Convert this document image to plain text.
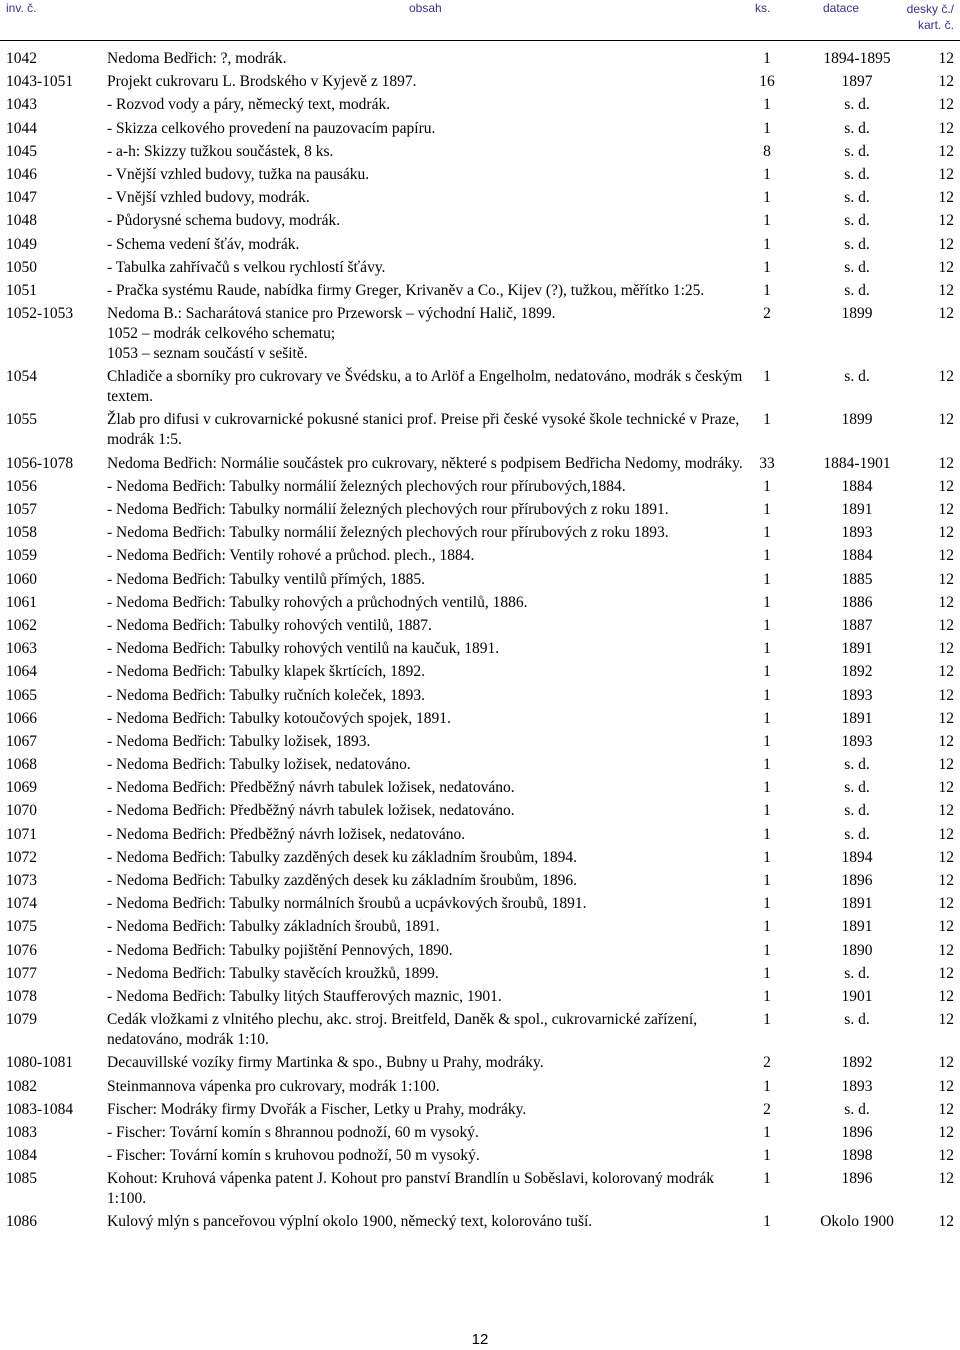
inv. č.	obsah	ks.	datace	desky č./
kart. č.
1042	Nedoma Bedřich: ?, modrák.	1	1894-1895	12
1043-1051	Projekt cukrovaru L. Brodského v Kyjevě z 1897.	16	1897	12
1043	- Rozvod vody a páry, německý text, modrák.	1	s. d.	12
1044	- Skizza celkového provedení na pauzovacím papíru.	1	s. d.	12
1045	- a-h: Skizzy tužkou součástek, 8 ks.	8	s. d.	12
1046	- Vnější vzhled budovy, tužka na pausáku.	1	s. d.	12
1047	- Vnější vzhled budovy, modrák.	1	s. d.	12
1048	- Půdorysné schema budovy, modrák.	1	s. d.	12
1049	- Schema vedení šťáv, modrák.	1	s. d.	12
1050	- Tabulka zahřívačů s velkou rychlostí šťávy.	1	s. d.	12
1051	- Pračka systému Raude, nabídka firmy Greger, Krivaněv a Co., Kijev (?), tužkou, měřítko 1:25.	1	s. d.	12
1052-1053	Nedoma B.: Sacharátová stanice pro Przeworsk – východní Halič, 1899.
1052 – modrák celkového schematu;
1053 – seznam součástí v sešitě.	2	1899	12
1054	Chladiče a sborníky pro cukrovary ve Švédsku, a to Arlöf a Engelholm, nedatováno, modrák s českým textem.	1	s. d.	12
1055	Žlab pro difusi v cukrovarnické pokusné stanici prof. Preise při české vysoké škole technické v Praze, modrák 1:5.	1	1899	12
1056-1078	Nedoma Bedřich: Normálie součástek pro cukrovary, některé s podpisem Bedřicha Nedomy, modráky.	33	1884-1901	12
1056	- Nedoma Bedřich: Tabulky normálií železných plechových rour přírubových,1884.	1	1884	12
1057	- Nedoma Bedřich: Tabulky normálií železných plechových rour přírubových z roku 1891.	1	1891	12
1058	- Nedoma Bedřich: Tabulky normálií železných plechových rour přírubových z roku 1893.	1	1893	12
1059	- Nedoma Bedřich: Ventily rohové a průchod. plech., 1884.	1	1884	12
1060	- Nedoma Bedřich: Tabulky ventilů přímých, 1885.	1	1885	12
1061	- Nedoma Bedřich: Tabulky rohových a průchodných ventilů, 1886.	1	1886	12
1062	- Nedoma Bedřich: Tabulky rohových ventilů, 1887.	1	1887	12
1063	- Nedoma Bedřich: Tabulky rohových ventilů na kaučuk, 1891.	1	1891	12
1064	- Nedoma Bedřich: Tabulky klapek škrtících, 1892.	1	1892	12
1065	- Nedoma Bedřich: Tabulky ručních koleček, 1893.	1	1893	12
1066	- Nedoma Bedřich: Tabulky kotoučových spojek, 1891.	1	1891	12
1067	- Nedoma Bedřich: Tabulky ložisek, 1893.	1	1893	12
1068	- Nedoma Bedřich: Tabulky ložisek, nedatováno.	1	s. d.	12
1069	- Nedoma Bedřich: Předběžný návrh tabulek ložisek, nedatováno.	1	s. d.	12
1070	- Nedoma Bedřich: Předběžný návrh tabulek ložisek, nedatováno.	1	s. d.	12
1071	- Nedoma Bedřich: Předběžný návrh ložisek, nedatováno.	1	s. d.	12
1072	- Nedoma Bedřich: Tabulky zazděných desek ku základním šroubům, 1894.	1	1894	12
1073	- Nedoma Bedřich: Tabulky zazděných desek ku základním šroubům, 1896.	1	1896	12
1074	- Nedoma Bedřich: Tabulky normálních šroubů a ucpávkových šroubů, 1891.	1	1891	12
1075	- Nedoma Bedřich: Tabulky základních šroubů, 1891.	1	1891	12
1076	- Nedoma Bedřich: Tabulky pojištění Pennových, 1890.	1	1890	12
1077	- Nedoma Bedřich: Tabulky stavěcích kroužků, 1899.	1	s. d.	12
1078	- Nedoma Bedřich: Tabulky litých Staufferových maznic, 1901.	1	1901	12
1079	Cedák vložkami z vlnitého plechu, akc. stroj. Breitfeld, Daněk & spol., cukrovarnické zařízení, nedatováno, modrák 1:10.	1	s. d.	12
1080-1081	Decauvillské vozíky firmy Martinka & spo., Bubny u Prahy, modráky.	2	1892	12
1082	Steinmannova vápenka pro cukrovary, modrák 1:100.	1	1893	12
1083-1084	Fischer: Modráky firmy Dvořák a Fischer, Letky u Prahy, modráky.	2	s. d.	12
1083	- Fischer: Tovární komín s 8hrannou podnoží, 60 m vysoký.	1	1896	12
1084	- Fischer: Tovární komín s kruhovou podnoží, 50 m vysoký.	1	1898	12
1085	Kohout: Kruhová vápenka patent J. Kohout pro panství Brandlín u Soběslavi, kolorovaný modrák 1:100.	1	1896	12
1086	Kulový mlýn s panceřovou výplní okolo 1900, německý text, kolorováno tuší.	1	Okolo 1900	12
12
